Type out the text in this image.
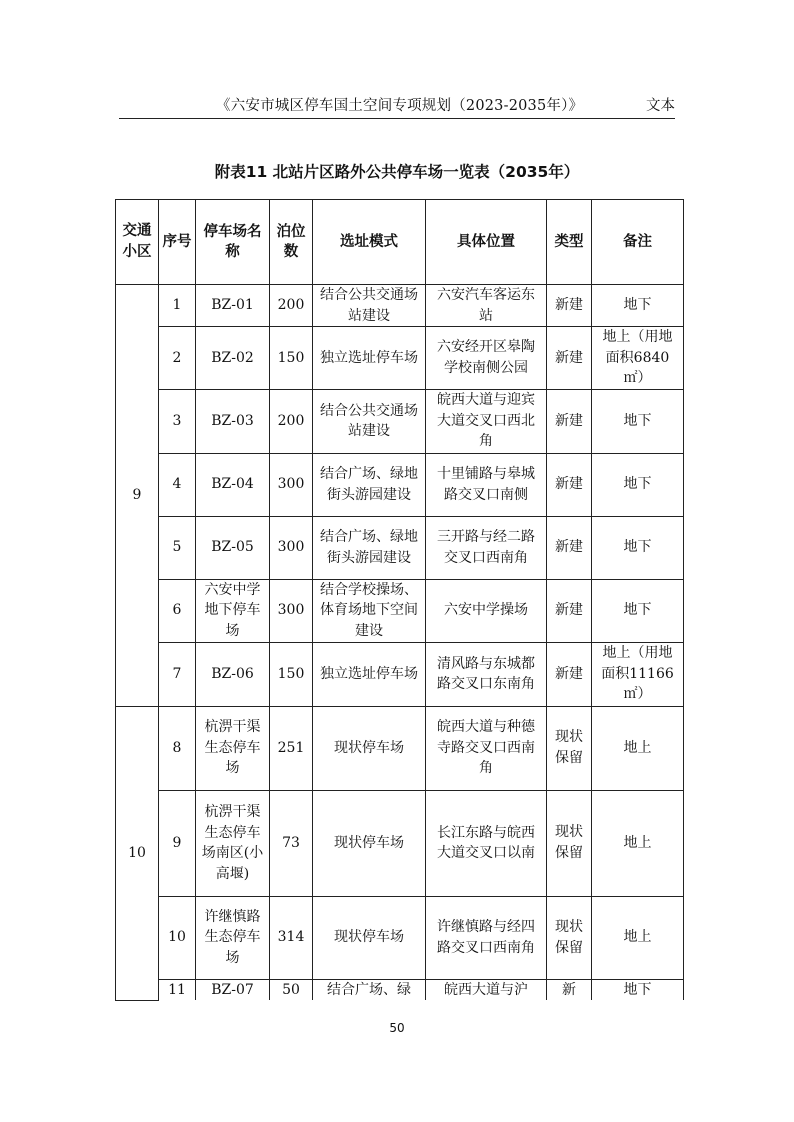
《六安市城区停车国土空间专项规划（2023-2035年）》	文本
附表11 北站片区路外公共停车场一览表（2035年）
交通小区	序号	停车场名称	泊位数	选址模式	具体位置	类型	备注
9	1	BZ-01	200	结合公共交通场站建设	六安汽车客运东站	新建	地下
	2	BZ-02	150	独立选址停车场	六安经开区皋陶学校南侧公园	新建	地上（用地面积6840㎡）
	3	BZ-03	200	结合公共交通场站建设	皖西大道与迎宾大道交叉口西北角	新建	地下
	4	BZ-04	300	结合广场、绿地街头游园建设	十里铺路与皋城路交叉口南侧	新建	地下
	5	BZ-05	300	结合广场、绿地街头游园建设	三开路与经二路交叉口西南角	新建	地下
	6	六安中学地下停车场	300	结合学校操场、体育场地下空间建设	六安中学操场	新建	地下
	7	BZ-06	150	独立选址停车场	清风路与东城都路交叉口东南角	新建	地上（用地面积11166㎡）
10	8	杭淠干渠生态停车场	251	现状停车场	皖西大道与种德寺路交叉口西南角	现状保留	地上
	9	杭淠干渠生态停车场南区(小高堰)	73	现状停车场	长江东路与皖西大道交叉口以南	现状保留	地上
	10	许继慎路生态停车场	314	现状停车场	许继慎路与经四路交叉口西南角	现状保留	地上
	11	BZ-07	50	结合广场、绿	皖西大道与沪	新	地下
50
